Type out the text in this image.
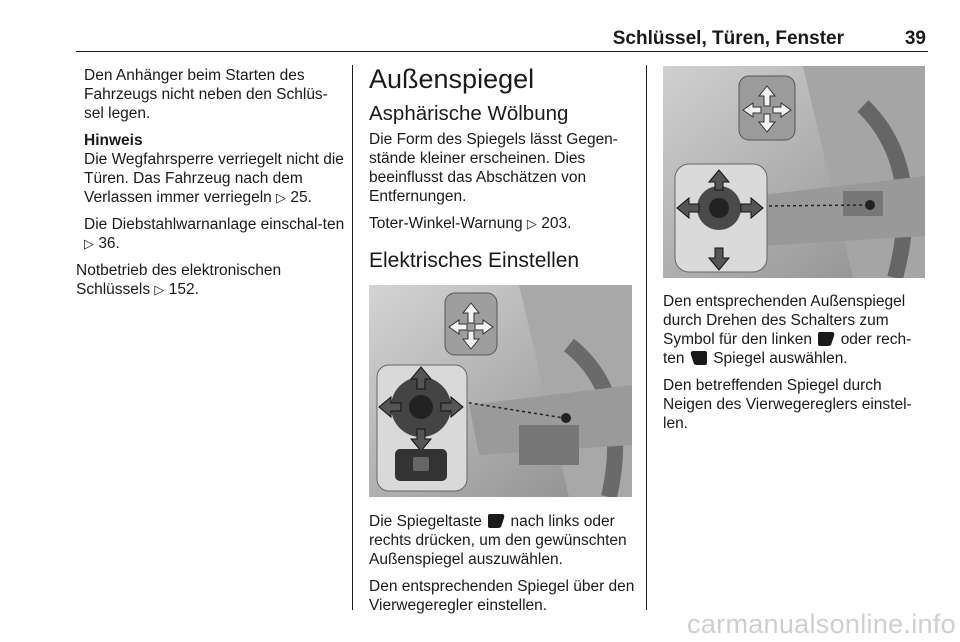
Schlüssel, Türen, Fenster	39

Den Anhänger beim Starten des Fahrzeugs nicht neben den Schlüs-sel legen.

Hinweis

Die Wegfahrsperre verriegelt nicht die Türen. Das Fahrzeug nach dem Verlassen immer verriegeln ▷ 25.

Die Diebstahlwarnanlage einschal-ten ▷ 36.

Notbetrieb des elektronischen Schlüssels ▷ 152.

Außenspiegel
Asphärische Wölbung

Die Form des Spiegels lässt Gegen-stände kleiner erscheinen. Dies beeinflusst das Abschätzen von Entfernungen.

Toter-Winkel-Warnung ▷ 203.

Elektrisches Einstellen

Die Spiegeltaste nach links oder rechts drücken, um den gewünschten Außenspiegel auszuwählen.

Den entsprechenden Spiegel über den Vierwegeregler einstellen.

Den entsprechenden Außenspiegel durch Drehen des Schalters zum Symbol für den linken oder rech-ten Spiegel auswählen.

Den betreffenden Spiegel durch Neigen des Vierwegereglers einstel-len.

carmanualsonline.info
